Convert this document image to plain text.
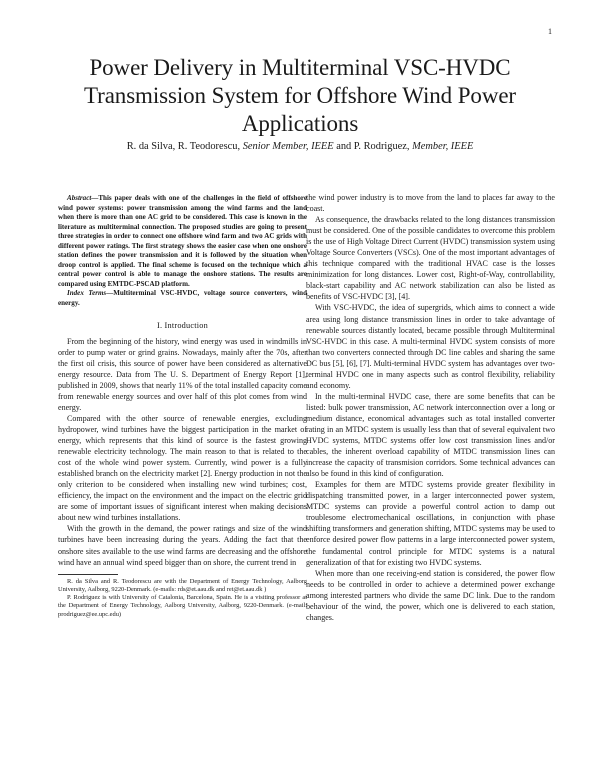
1
Power Delivery in Multiterminal VSC-HVDC Transmission System for Offshore Wind Power Applications
R. da Silva, R. Teodorescu, Senior Member, IEEE and P. Rodriguez, Member, IEEE

Abstract—This paper deals with one of the challenges in the field of offshore wind power systems: power transmission among the wind farms and the land when there is more than one AC grid to be considered. This case is known in the literature as multiterminal connection. The proposed studies are going to present three strategies in order to connect one offshore wind farm and two AC grids with different power ratings. The first strategy shows the easier case when one onshore station defines the power transmission and it is followed by the situation when droop control is applied. The final scheme is focused on the technique which a central power control is able to manage the onshore stations. The results are compared using EMTDC-PSCAD platform.

Index Terms—Multiterminal VSC-HVDC, voltage source converters, wind energy.

I. Introduction

From the beginning of the history, wind energy was used in windmills in order to pump water or grind grains. Nowadays, mainly after the 70s, after the first oil crisis, this source of power have been considered as alternative energy resource. Data from The U. S. Department of Energy Report [1], published in 2009, shows that nearly 11% of the total installed capacity come from renewable energy sources and over half of this plot comes from wind energy.

Compared with the other source of renewable energies, excluding hydropower, wind turbines have the biggest participation in the market of energy, which represents that this kind of source is the fastest growing renewable electricity technology. The main reason to that is related to the cost of the whole wind power system. Currently, wind power is a fully established branch on the electricity market [2]. Energy production in not the only criterion to be considered when installing new wind turbines; cost, efficiency, the impact on the environment and the impact on the electric grid are some of important issues of significant interest when making decisions about new wind turbines installations.

With the growth in the demand, the power ratings and size of the wind turbines have been increasing during the years. Adding the fact that the onshore sites available to the use wind farms are decreasing and the offshore wind have an annual wind speed bigger than on shore, the current trend in

R. da Silva and R. Teodorescu are with the Department of Energy Technology, Aalborg University, Aalborg, 9220-Denmark. (e-mails: rds@et.aau.dk and ret@et.aau.dk )

P. Rodriguez is with University of Catalonia, Barcelona, Spain. He is a visiting professor at the Department of Energy Technology, Aalborg University, Aalborg, 9220-Denmark. (e-mail: prodriguez@ee.upc.edu)

the wind power industry is to move from the land to places far away to the coast.

As consequence, the drawbacks related to the long distances transmission must be considered. One of the possible candidates to overcome this problem is the use of High Voltage Direct Current (HVDC) transmission system using Voltage Source Converters (VSCs). One of the most important advantages of this technique compared with the traditional HVAC case is the losses minimization for long distances. Lower cost, Right-of-Way, controllability, black-start capability and AC network stabilization can also be listed as benefits of VSC-HVDC [3], [4].

With VSC-HVDC, the idea of supergrids, which aims to connect a wide area using long distance transmission lines in order to take advantage of renewable sources distantly located, became possible through Multiterminal VSC-HVDC in this case. A multi-terminal HVDC system consists of more than two converters connected through DC line cables and sharing the same DC bus [5], [6], [7]. Multi-terminal HVDC system has advantages over two-terminal HVDC one in many aspects such as control flexibility, reliability and economy.

In the multi-terminal HVDC case, there are some benefits that can be listed: bulk power transmission, AC network interconnection over a long or medium distance, economical advantages such as total installed converter rating in an MTDC system is usually less than that of several equivalent two HVDC systems, MTDC systems offer low cost transmission lines and/or cables, the inherent overload capability of MTDC transmission lines can increase the capacity of transmision corridors. Some technical advances can also be found in this kind of configuration.

Examples for them are MTDC systems provide greater flexibility in dispatching transmitted power, in a larger interconnected power system, MTDC systems can provide a powerful control action to damp out troublesome electromechanical oscillations, in conjunction with phase shifting transformers and generation shifting, MTDC systems may be used to enforce desired power flow patterns in a large interconnected power system, the fundamental control principle for MTDC systems is a natural generalization of that for existing two HVDC systems.

When more than one receiving-end station is considered, the power flow needs to be controlled in order to achieve a determined power exchange among interested partners who divide the same DC link. Due to the random behaviour of the wind, the power, which one is delivered to each station, changes.
